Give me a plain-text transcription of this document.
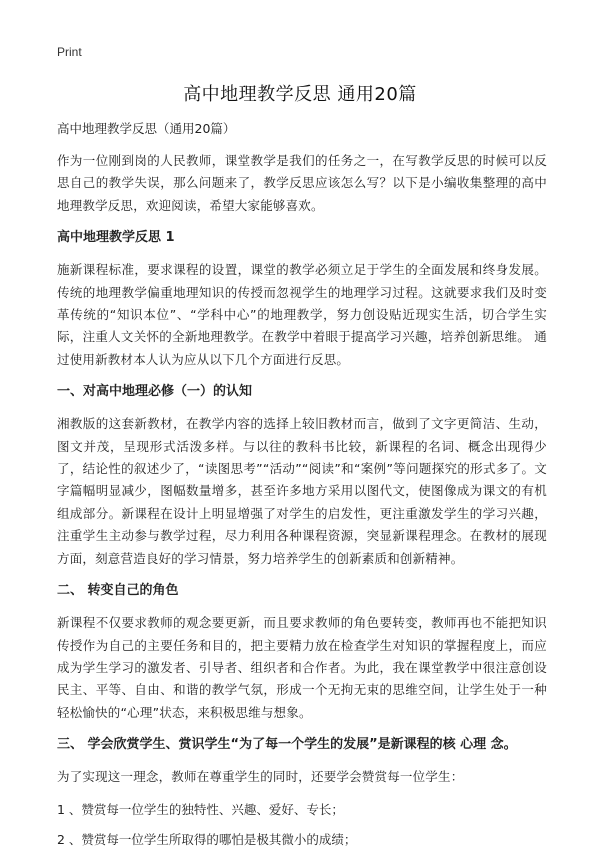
Print
高中地理教学反思 通用20篇
高中地理教学反思（通用20篇）

作为一位刚到岗的人民教师，课堂教学是我们的任务之一，在写教学反思的时候可以反思自己的教学失误，那么问题来了，教学反思应该怎么写？以下是小编收集整理的高中地理教学反思，欢迎阅读，希望大家能够喜欢。

高中地理教学反思 1

施新课程标准，要求课程的设置，课堂的教学必须立足于学生的全面发展和终身发展。传统的地理教学偏重地理知识的传授而忽视学生的地理学习过程。这就要求我们及时变革传统的“知识本位”、“学科中心”的地理教学，努力创设贴近现实生活，切合学生实际，注重人文关怀的全新地理教学。在教学中着眼于提高学习兴趣，培养创新思维。 通过使用新教材本人认为应从以下几个方面进行反思。

一、对高中地理必修（一）的认知

湘教版的这套新教材，在教学内容的选择上较旧教材而言，做到了文字更简洁、生动，图文并茂，呈现形式活泼多样。与以往的教科书比较，新课程的名词、概念出现得少了，结论性的叙述少了，“读图思考”“活动”“阅读”和“案例”等问题探究的形式多了。文字篇幅明显减少，图幅数量增多，甚至许多地方采用以图代文，使图像成为课文的有机组成部分。新课程在设计上明显增强了对学生的启发性，更注重激发学生的学习兴趣，注重学生主动参与教学过程，尽力利用各种课程资源，突显新课程理念。在教材的展现方面，刻意营造良好的学习情景，努力培养学生的创新素质和创新精神。

二、 转变自己的角色

新课程不仅要求教师的观念要更新，而且要求教师的角色要转变，教师再也不能把知识传授作为自己的主要任务和目的，把主要精力放在检查学生对知识的掌握程度上，而应成为学生学习的激发者、引导者、组织者和合作者。为此，我在课堂教学中很注意创设民主、平等、自由、和谐的教学气氛，形成一个无拘无束的思维空间，让学生处于一种轻松愉快的“心理”状态，来积极思维与想象。

三、 学会欣赏学生、赏识学生“为了每一个学生的发展”是新课程的核 心理 念。

为了实现这一理念，教师在尊重学生的同时，还要学会赞赏每一位学生：

1 、赞赏每一位学生的独特性、兴趣、爱好、专长；
2 、赞赏每一位学生所取得的哪怕是极其微小的成绩；
